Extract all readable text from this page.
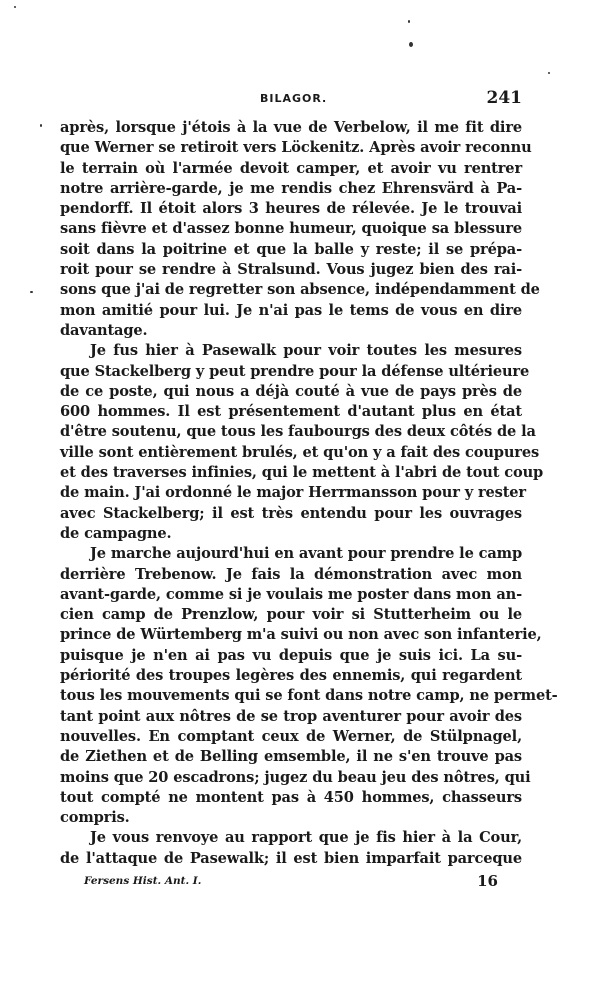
BILAGOR.	241
après, lorsque j'étois à la vue de Verbelow, il me fit dire
que Werner se retiroit vers Löckenitz. Après avoir reconnu
le terrain où l'armée devoit camper, et avoir vu rentrer
notre arrière-garde, je me rendis chez Ehrensvärd à Pa-
pendorff. Il étoit alors 3 heures de rélevée. Je le trouvai
sans fièvre et d'assez bonne humeur, quoique sa blessure
soit dans la poitrine et que la balle y reste; il se prépa-
roit pour se rendre à Stralsund. Vous jugez bien des rai-
sons que j'ai de regretter son absence, indépendamment de
mon amitié pour lui. Je n'ai pas le tems de vous en dire
davantage.
Je fus hier à Pasewalk pour voir toutes les mesures
que Stackelberg y peut prendre pour la défense ultérieure
de ce poste, qui nous a déjà couté à vue de pays près de
600 hommes. Il est présentement d'autant plus en état
d'être soutenu, que tous les faubourgs des deux côtés de la
ville sont entièrement brulés, et qu'on y a fait des coupures
et des traverses infinies, qui le mettent à l'abri de tout coup
de main. J'ai ordonné le major Herrmansson pour y rester
avec Stackelberg; il est très entendu pour les ouvrages
de campagne.
Je marche aujourd'hui en avant pour prendre le camp
derrière Trebenow. Je fais la démonstration avec mon
avant-garde, comme si je voulais me poster dans mon an-
cien camp de Prenzlow, pour voir si Stutterheim ou le
prince de Würtemberg m'a suivi ou non avec son infanterie,
puisque je n'en ai pas vu depuis que je suis ici. La su-
périorité des troupes legères des ennemis, qui regardent
tous les mouvements qui se font dans notre camp, ne permet-
tant point aux nôtres de se trop aventurer pour avoir des
nouvelles. En comptant ceux de Werner, de Stülpnagel,
de Ziethen et de Belling emsemble, il ne s'en trouve pas
moins que 20 escadrons; jugez du beau jeu des nôtres, qui
tout compté ne montent pas à 450 hommes, chasseurs
compris.
Je vous renvoye au rapport que je fis hier à la Cour,
de l'attaque de Pasewalk; il est bien imparfait parceque
Fersens Hist. Ant. I.	16
